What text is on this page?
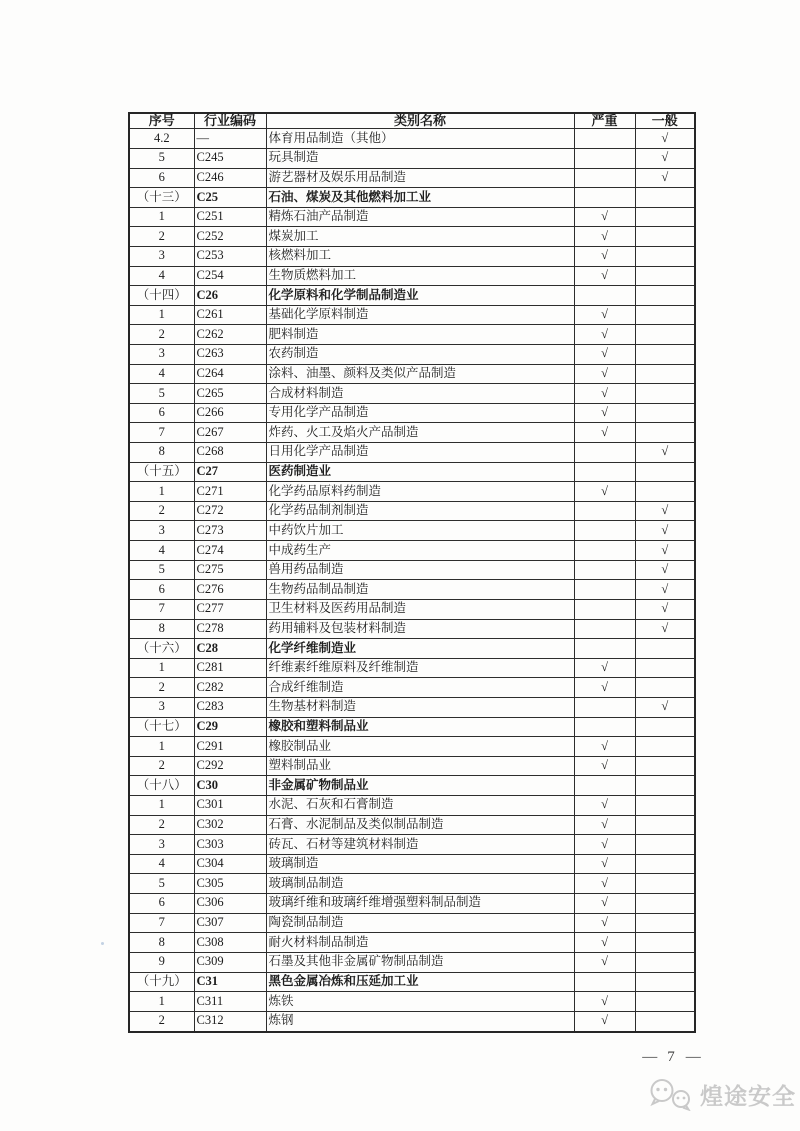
序号	行业编码	类别名称	严重	一般
4.2	—	体育用品制造（其他）		√
5	C245	玩具制造		√
6	C246	游艺器材及娱乐用品制造		√
（十三）	C25	石油、煤炭及其他燃料加工业		
1	C251	精炼石油产品制造	√	
2	C252	煤炭加工	√	
3	C253	核燃料加工	√	
4	C254	生物质燃料加工	√	
（十四）	C26	化学原料和化学制品制造业		
1	C261	基础化学原料制造	√	
2	C262	肥料制造	√	
3	C263	农药制造	√	
4	C264	涂料、油墨、颜料及类似产品制造	√	
5	C265	合成材料制造	√	
6	C266	专用化学产品制造	√	
7	C267	炸药、火工及焰火产品制造	√	
8	C268	日用化学产品制造		√
（十五）	C27	医药制造业		
1	C271	化学药品原料药制造	√	
2	C272	化学药品制剂制造		√
3	C273	中药饮片加工		√
4	C274	中成药生产		√
5	C275	兽用药品制造		√
6	C276	生物药品制品制造		√
7	C277	卫生材料及医药用品制造		√
8	C278	药用辅料及包装材料制造		√
（十六）	C28	化学纤维制造业		
1	C281	纤维素纤维原料及纤维制造	√	
2	C282	合成纤维制造	√	
3	C283	生物基材料制造		√
（十七）	C29	橡胶和塑料制品业		
1	C291	橡胶制品业	√	
2	C292	塑料制品业	√	
（十八）	C30	非金属矿物制品业		
1	C301	水泥、石灰和石膏制造	√	
2	C302	石膏、水泥制品及类似制品制造	√	
3	C303	砖瓦、石材等建筑材料制造	√	
4	C304	玻璃制造	√	
5	C305	玻璃制品制造	√	
6	C306	玻璃纤维和玻璃纤维增强塑料制品制造	√	
7	C307	陶瓷制品制造	√	
8	C308	耐火材料制品制造	√	
9	C309	石墨及其他非金属矿物制品制造	√	
（十九）	C31	黑色金属冶炼和压延加工业		
1	C311	炼铁	√	
2	C312	炼钢	√	
— 7 —
煌途安全
